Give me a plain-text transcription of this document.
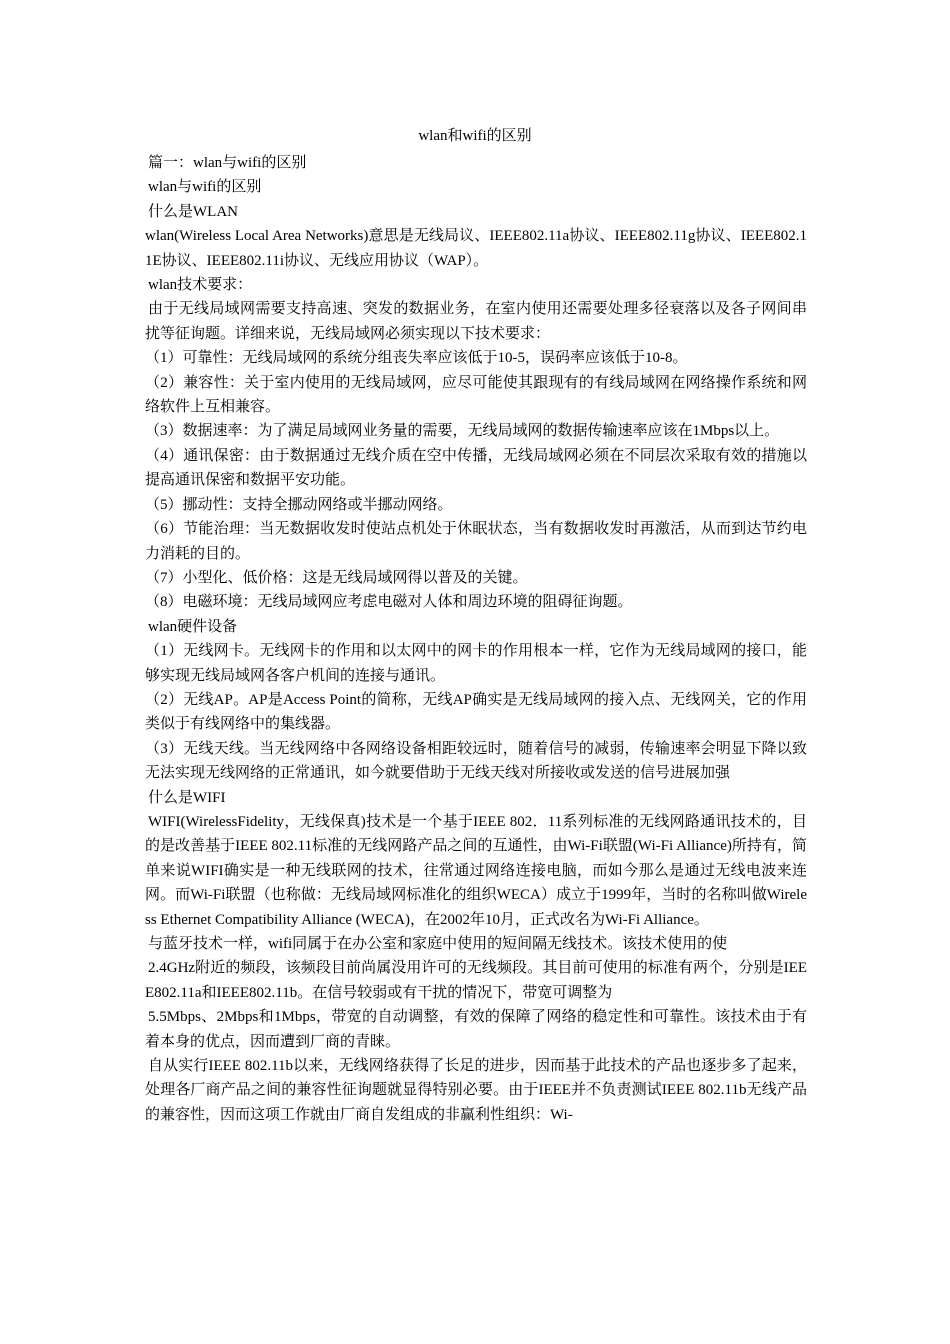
wlan和wifi的区别

篇一：wlan与wifi的区别

wlan与wifi的区别

什么是WLAN

wlan(Wireless Local Area Networks)意思是无线局议、IEEE802.11a协议、IEEE802.11g协议、IEEE802.11E协议、IEEE802.11i协议、无线应用协议（WAP）。

wlan技术要求：

由于无线局域网需要支持高速、突发的数据业务，在室内使用还需要处理多径衰落以及各子网间串扰等征询题。详细来说，无线局域网必须实现以下技术要求：

（1）可靠性：无线局域网的系统分组丧失率应该低于10-5，误码率应该低于10-8。

（2）兼容性：关于室内使用的无线局域网，应尽可能使其跟现有的有线局域网在网络操作系统和网络软件上互相兼容。

（3）数据速率：为了满足局域网业务量的需要，无线局域网的数据传输速率应该在1Mbps以上。

（4）通讯保密：由于数据通过无线介质在空中传播，无线局域网必须在不同层次采取有效的措施以提高通讯保密和数据平安功能。

（5）挪动性：支持全挪动网络或半挪动网络。

（6）节能治理：当无数据收发时使站点机处于休眠状态，当有数据收发时再激活，从而到达节约电力消耗的目的。

（7）小型化、低价格：这是无线局域网得以普及的关键。

（8）电磁环境：无线局域网应考虑电磁对人体和周边环境的阻碍征询题。

wlan硬件设备

（1）无线网卡。无线网卡的作用和以太网中的网卡的作用根本一样，它作为无线局域网的接口，能够实现无线局域网各客户机间的连接与通讯。

（2）无线AP。AP是Access Point的简称，无线AP确实是无线局域网的接入点、无线网关，它的作用类似于有线网络中的集线器。

（3）无线天线。当无线网络中各网络设备相距较远时，随着信号的减弱，传输速率会明显下降以致无法实现无线网络的正常通讯，如今就要借助于无线天线对所接收或发送的信号进展加强

什么是WIFI

WIFI(WirelessFidelity，无线保真)技术是一个基于IEEE 802．11系列标准的无线网路通讯技术的，目的是改善基于IEEE 802.11标准的无线网路产品之间的互通性，由Wi-Fi联盟(Wi-Fi Alliance)所持有，简单来说WIFI确实是一种无线联网的技术，往常通过网络连接电脑，而如今那么是通过无线电波来连网。而Wi-Fi联盟（也称做：无线局域网标准化的组织WECA）成立于1999年，当时的名称叫做Wireless Ethernet Compatibility Alliance (WECA)，在2002年10月，正式改名为Wi-Fi Alliance。

与蓝牙技术一样，wifi同属于在办公室和家庭中使用的短间隔无线技术。该技术使用的使

2.4GHz附近的频段，该频段目前尚属没用许可的无线频段。其目前可使用的标准有两个，分别是IEEE802.11a和IEEE802.11b。在信号较弱或有干扰的情况下，带宽可调整为

5.5Mbps、2Mbps和1Mbps，带宽的自动调整，有效的保障了网络的稳定性和可靠性。该技术由于有着本身的优点，因而遭到厂商的青睐。

自从实行IEEE 802.11b以来，无线网络获得了长足的进步，因而基于此技术的产品也逐步多了起来，处理各厂商产品之间的兼容性征询题就显得特别必要。由于IEEE并不负责测试IEEE 802.11b无线产品的兼容性，因而这项工作就由厂商自发组成的非赢利性组织：Wi-
